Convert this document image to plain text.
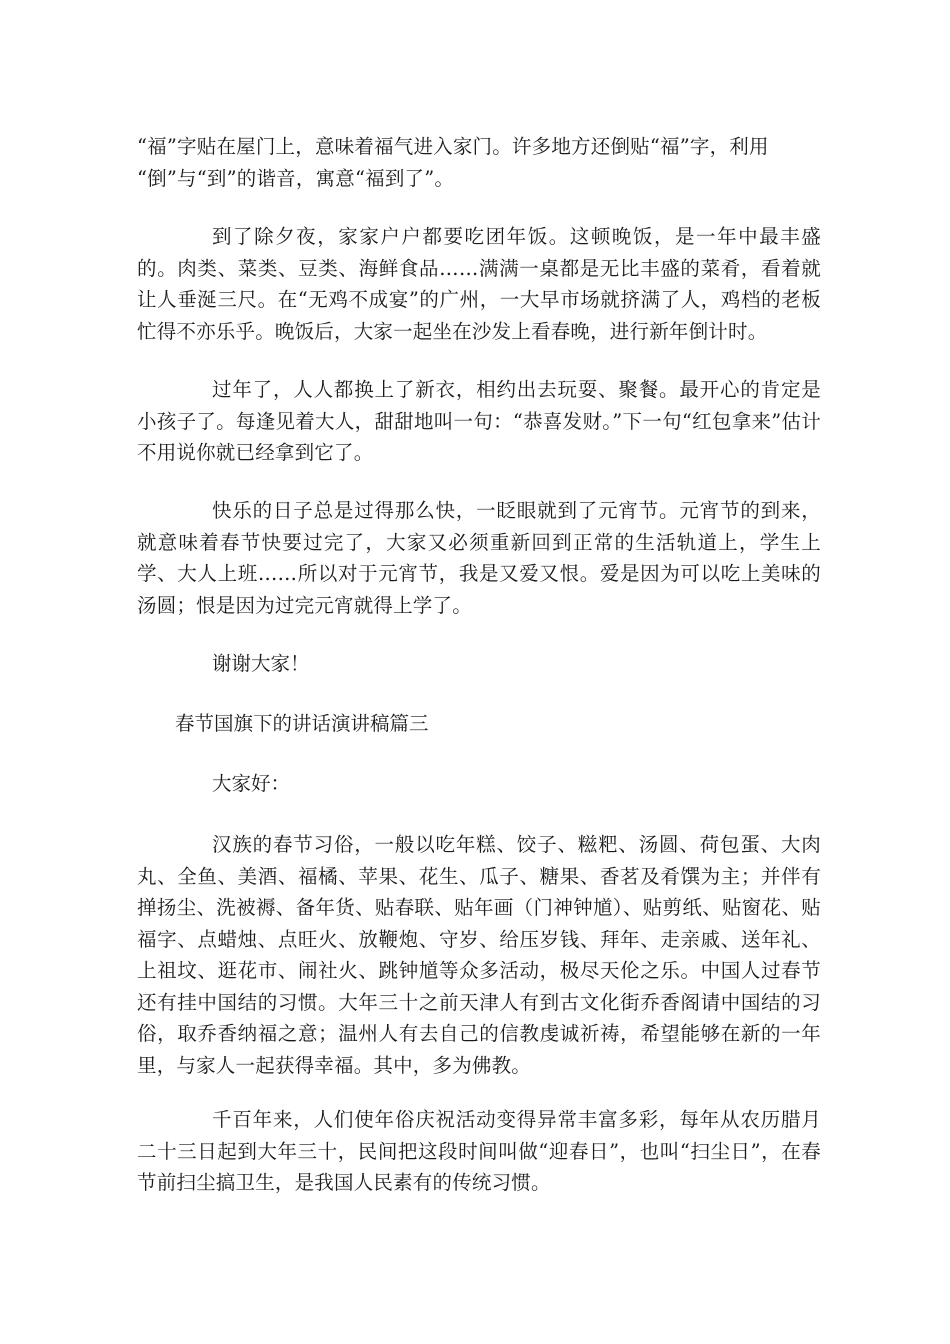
“福”字贴在屋门上，意味着福气进入家门。许多地方还倒贴“福”字，利用
“倒”与“到”的谐音，寓意“福到了”。

到了除夕夜，家家户户都要吃团年饭。这顿晚饭，是一年中最丰盛的。肉类、菜类、豆类、海鲜食品……满满一桌都是无比丰盛的菜肴，看着就让人垂涎三尺。在“无鸡不成宴”的广州，一大早市场就挤满了人，鸡档的老板忙得不亦乐乎。晚饭后，大家一起坐在沙发上看春晚，进行新年倒计时。

过年了，人人都换上了新衣，相约出去玩耍、聚餐。最开心的肯定是小孩子了。每逢见着大人，甜甜地叫一句：“恭喜发财。”下一句“红包拿来”估计不用说你就已经拿到它了。

快乐的日子总是过得那么快，一眨眼就到了元宵节。元宵节的到来，就意味着春节快要过完了，大家又必须重新回到正常的生活轨道上，学生上学、大人上班……所以对于元宵节，我是又爱又恨。爱是因为可以吃上美味的汤圆；恨是因为过完元宵就得上学了。

谢谢大家！

春节国旗下的讲话演讲稿篇三

大家好：

汉族的春节习俗，一般以吃年糕、饺子、糍粑、汤圆、荷包蛋、大肉丸、全鱼、美酒、福橘、苹果、花生、瓜子、糖果、香茗及肴馔为主；并伴有掸扬尘、洗被褥、备年货、贴春联、贴年画（门神钟馗）、贴剪纸、贴窗花、贴福字、点蜡烛、点旺火、放鞭炮、守岁、给压岁钱、拜年、走亲戚、送年礼、上祖坟、逛花市、闹社火、跳钟馗等众多活动，极尽天伦之乐。中国人过春节还有挂中国结的习惯。大年三十之前天津人有到古文化街乔香阁请中国结的习俗，取乔香纳福之意；温州人有去自己的信教虔诚祈祷，希望能够在新的一年里，与家人一起获得幸福。其中，多为佛教。

千百年来，人们使年俗庆祝活动变得异常丰富多彩，每年从农历腊月二十三日起到大年三十，民间把这段时间叫做“迎春日”，也叫“扫尘日”，在春节前扫尘搞卫生，是我国人民素有的传统习惯。
